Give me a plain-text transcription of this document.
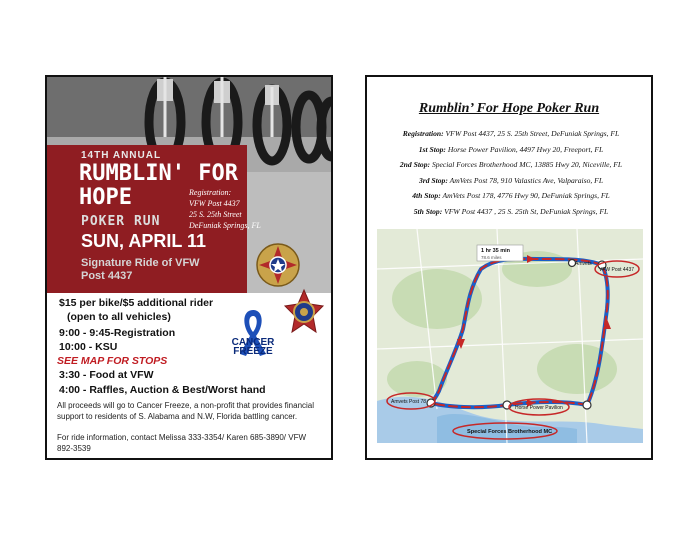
14TH ANNUAL
RUMBLIN' FOR
HOPE
POKER RUN
SUN, APRIL 11
Signature Ride of VFW
Post 4437
Registration:
VFW Post 4437
25 S. 25th Street
DeFuniak Springs, FL
$15 per bike/$5 additional rider
(open to all vehicles)
9:00 - 9:45-Registration
10:00 - KSU
SEE MAP FOR STOPS
3:30 - Food at VFW
4:00 - Raffles, Auction & Best/Worst hand
CANCER
FREEZE
All proceeds will go to Cancer Freeze, a non-profit that provides financial support to residents of S. Alabama and N.W, Florida battling cancer.
For ride information, contact Melissa 333-3354/ Karen 685-3890/ VFW 892-3539
Rumblin’ For Hope Poker Run
Registration: VFW Post 4437, 25 S. 25th Street, DeFuniak Springs, FL
1st Stop: Horse Power Pavilion, 4497 Hwy 20, Freeport, FL
2nd Stop: Special Forces Brotherhood MC, 13885 Hwy 20, Niceville, FL
3rd Stop: AmVets Post 78, 910 Valastics Ave, Valparaiso, FL
4th Stop: AmVets Post 178, 4776 Hwy 90, DeFuniak Springs, FL
5th Stop: VFW Post 4437 , 25 S. 25th St, DeFuniak Springs, FL
1 hr 35 min
78.6 miles
VFW Post 4437
Amvets
Amvets Post 78
Horse Power Pavilion
Special Forces Brotherhood MC
